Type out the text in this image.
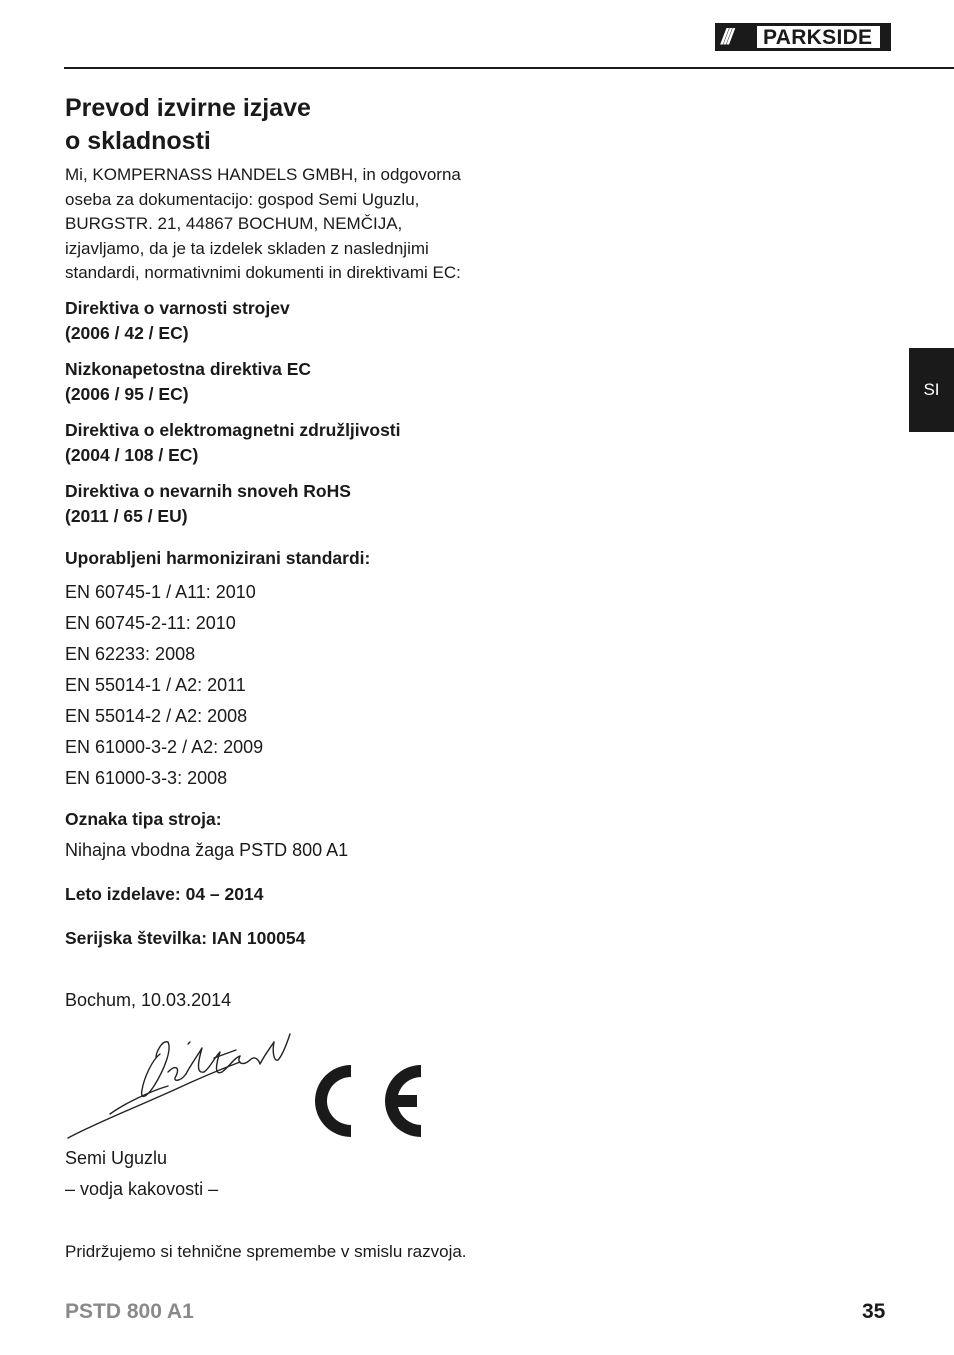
///	PARKSIDE ®
SI
Prevod izvirne izjave
o skladnosti
Mi, KOMPERNASS HANDELS GMBH, in odgovorna
oseba za dokumentacijo: gospod Semi Uguzlu,
BURGSTR. 21, 44867 BOCHUM, NEMČIJA,
izjavljamo, da je ta izdelek skladen z naslednjimi
standardi, normativnimi dokumenti in direktivami EC:
Direktiva o varnosti strojev
(2006 / 42 / EC)
Nizkonapetostna direktiva EC
(2006 / 95 / EC)
Direktiva o elektromagnetni združljivosti
(2004 / 108 / EC)
Direktiva o nevarnih snoveh RoHS
(2011 / 65 / EU)
Uporabljeni harmonizirani standardi:
EN 60745-1 / A11: 2010
EN 60745-2-11: 2010
EN 62233: 2008
EN 55014-1 / A2: 2011
EN 55014-2 / A2: 2008
EN 61000-3-2 / A2: 2009
EN 61000-3-3: 2008
Oznaka tipa stroja:
Nihajna vbodna žaga PSTD 800 A1
Leto izdelave: 04 – 2014
Serijska številka: IAN 100054
Bochum, 10.03.2014
Semi Uguzlu
– vodja kakovosti –
Pridržujemo si tehnične spremembe v smislu razvoja.
PSTD 800 A1	35
